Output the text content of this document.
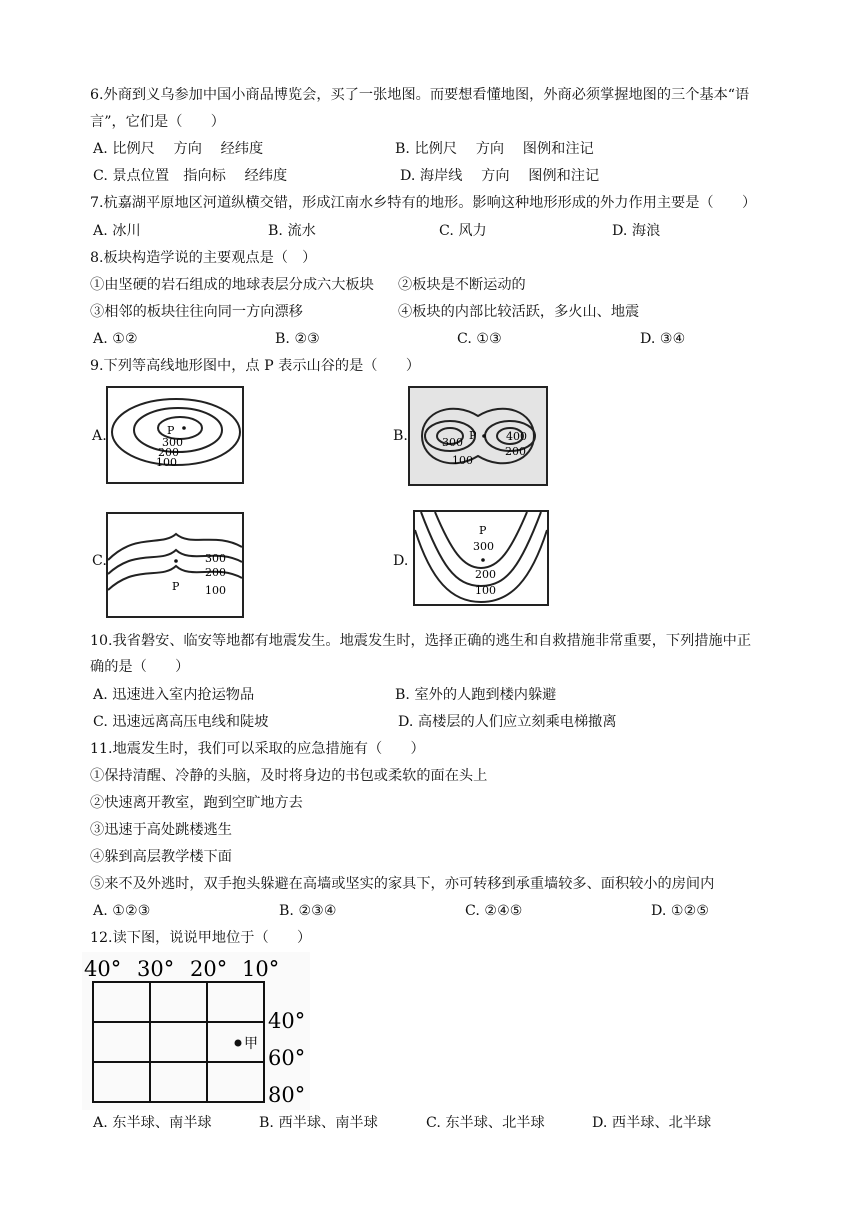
6.外商到义乌参加中国小商品博览会，买了一张地图。而要想看懂地图，外商必须掌握地图的三个基本“语
言”，它们是（　　）
A. 比例尺　 方向　 经纬度	B. 比例尺　 方向　 图例和注记
C. 景点位置　指向标　 经纬度	D. 海岸线　 方向　 图例和注记
7.杭嘉湖平原地区河道纵横交错，形成江南水乡特有的地形。影响这种地形形成的外力作用主要是（　　）
A. 冰川	B. 流水	C. 风力	D. 海浪
8.板块构造学说的主要观点是（　）
①由坚硬的岩石组成的地球表层分成六大板块 ②板块是不断运动的
③相邻的板块往往向同一方向漂移	④板块的内部比较活跃，多火山、地震
A. ①②	B. ②③	C. ①③	D. ③④
9.下列等高线地形图中，点 P 表示山谷的是（　　）
A.	P
300
200
100
B.	P
300	400
200
100
C.
P
300
200
100
D.
P
300
200
100
10.我省磐安、临安等地都有地震发生。地震发生时，选择正确的逃生和自救措施非常重要，下列措施中正
确的是（　　）
A. 迅速进入室内抢运物品	B. 室外的人跑到楼内躲避
C. 迅速远离高压电线和陡坡	D. 高楼层的人们应立刻乘电梯撤离
11.地震发生时，我们可以采取的应急措施有（　　）
①保持清醒、冷静的头脑，及时将身边的书包或柔软的面在头上
②快速离开教室，跑到空旷地方去
③迅速于高处跳楼逃生
④躲到高层教学楼下面
⑤来不及外逃时，双手抱头躲避在高墙或坚实的家具下，亦可转移到承重墙较多、面积较小的房间内
A. ①②③	B. ②③④	C. ②④⑤	D. ①②⑤
12.读下图，说说甲地位于（　　）
40° 30° 20° 10°
甲
40°
60°
80°
A. 东半球、南半球	B. 西半球、南半球	C. 东半球、北半球	D. 西半球、北半球
